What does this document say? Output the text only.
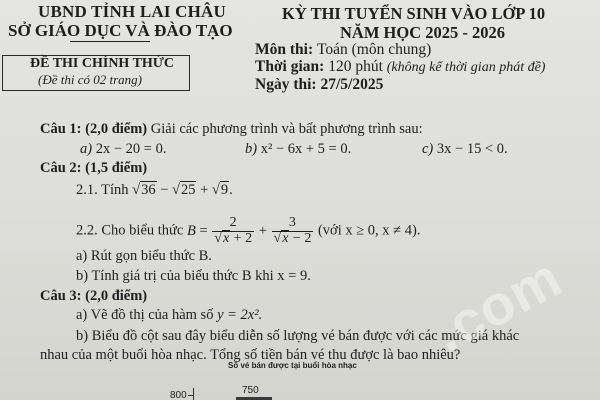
UBND TỈNH LAI CHÂU
SỞ GIÁO DỤC VÀ ĐÀO TẠO
KỲ THI TUYỂN SINH VÀO LỚP 10
NĂM HỌC 2025 - 2026
ĐỀ THI CHÍNH THỨC
(Đề thi có 02 trang)
Môn thi: Toán (môn chung)
Thời gian: 120 phút (không kể thời gian phát đề)
Ngày thi: 27/5/2025
Câu 1: (2,0 điểm) Giải các phương trình và bất phương trình sau:
a) 2x − 20 = 0.	b) x² − 6x + 5 = 0.	c) 3x − 15 < 0.
Câu 2: (1,5 điểm)
2.1. Tính √36 − √25 + √9.
2.2. Cho biểu thức $B = \frac{2}{√x + 2} + \frac{3}{√x - 2}$ (với x ≥ 0, x ≠ 4).
a) Rút gọn biểu thức B.
b) Tính giá trị của biểu thức B khi x = 9.
Câu 3: (2,0 điểm)
a) Vẽ đồ thị của hàm số y = 2x².
b) Biểu đồ cột sau đây biểu diễn số lượng vé bán được với các mức giá khác
nhau của một buổi hòa nhạc. Tổng số tiền bán vé thu được là bao nhiêu?
Số vé bán được tại buổi hòa nhạc
800	750
.com
